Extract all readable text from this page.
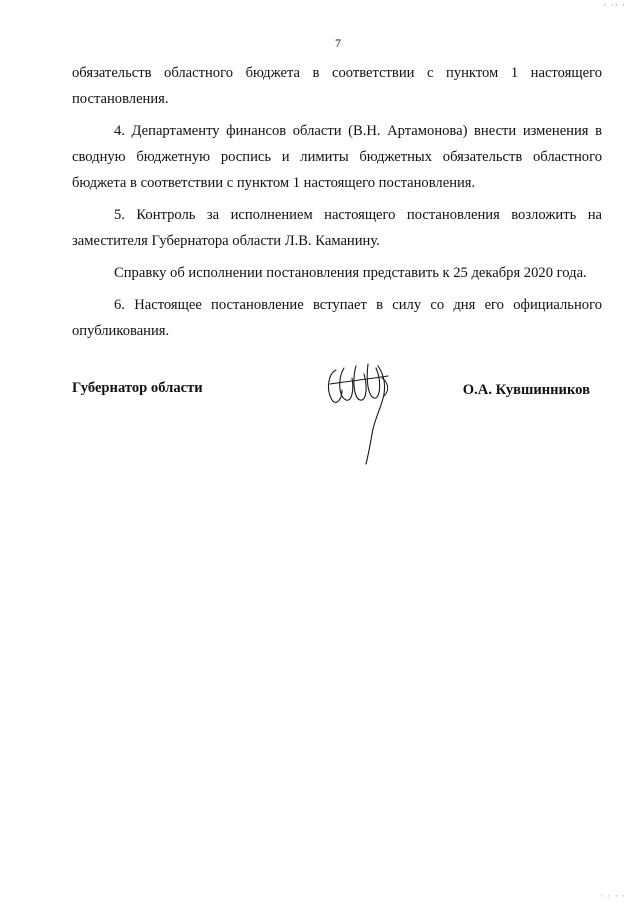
· ·· ·
7

обязательств областного бюджета в соответствии с пунктом 1 настоящего постановления.

4. Департаменту финансов области (В.Н. Артамонова) внести изменения в сводную бюджетную роспись и лимиты бюджетных обязательств областного бюджета в соответствии с пунктом 1 настоящего постановления.

5. Контроль за исполнением настоящего постановления возложить на заместителя Губернатора области Л.В. Каманину.

Справку об исполнении постановления представить к 25 декабря 2020 года.

6. Настоящее постановление вступает в силу со дня его официального опубликования.

Губернатор области	О.А. Кувшинников
· · · ·
